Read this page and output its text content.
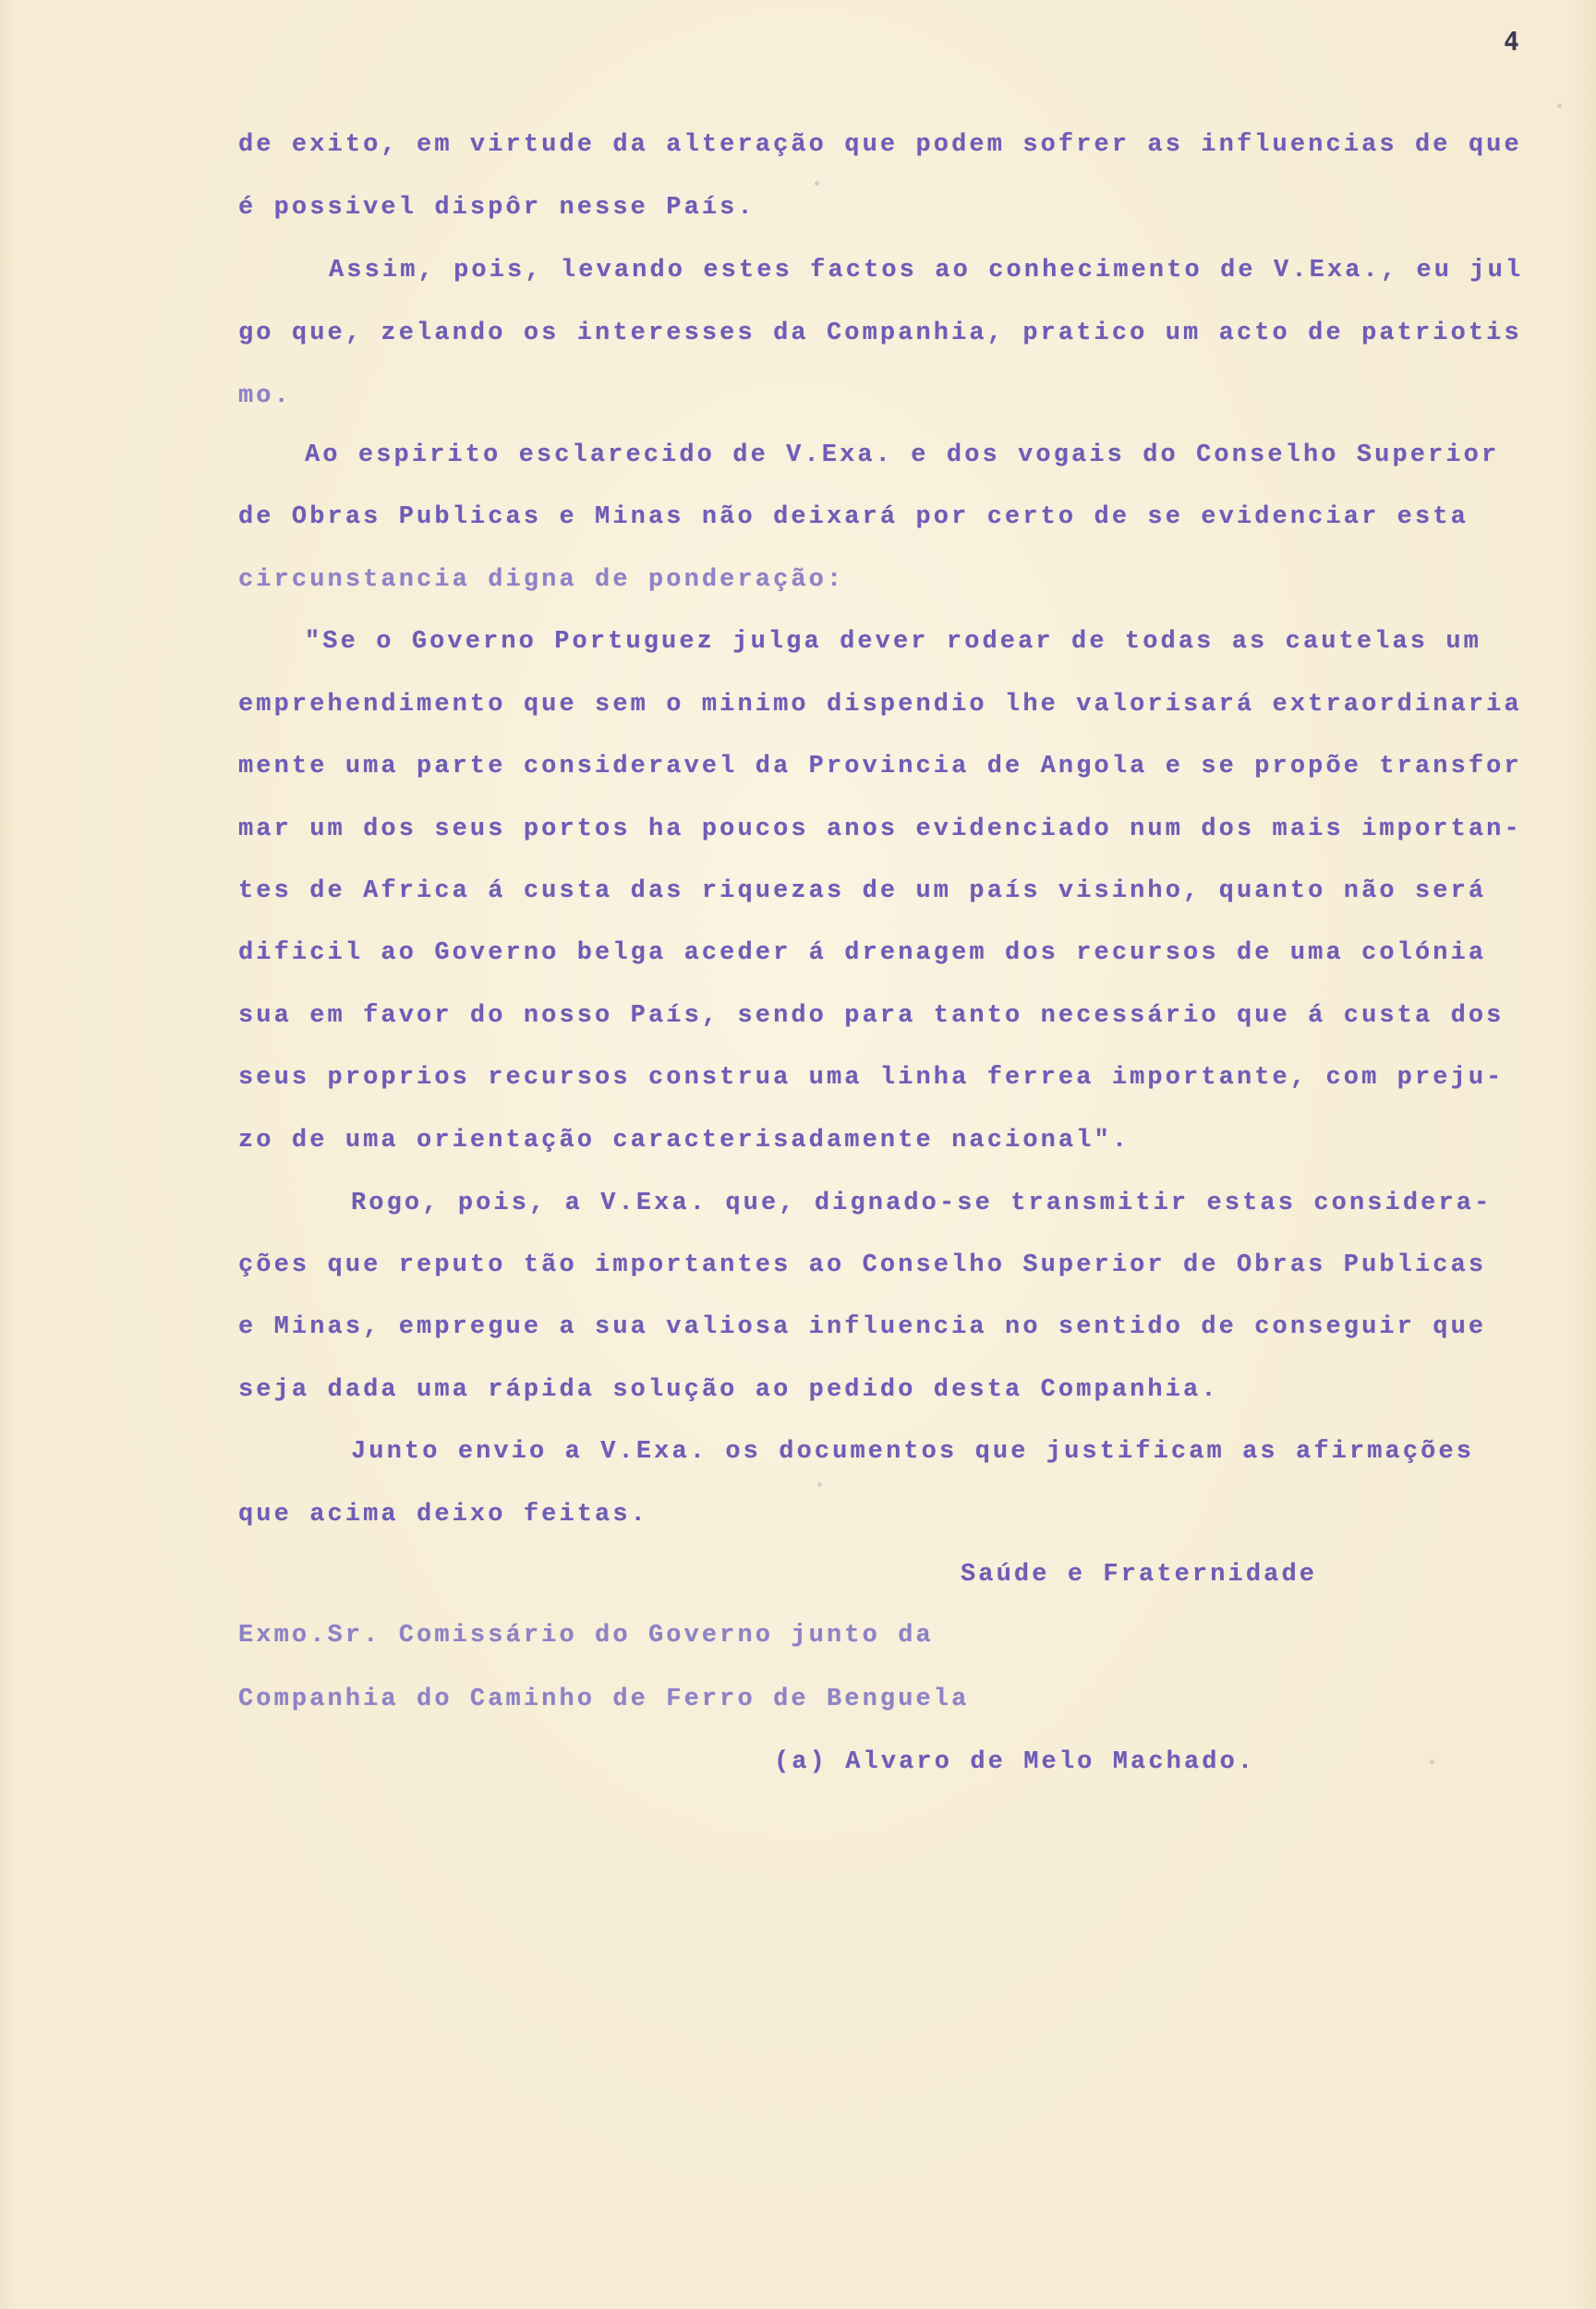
4
de exito, em virtude da alteração que podem sofrer as influencias de que
é possivel dispôr nesse País.
Assim, pois, levando estes factos ao conhecimento de V.Exa., eu jul
go que, zelando os interesses da Companhia, pratico um acto de patriotis
mo.
Ao espirito esclarecido de V.Exa. e dos vogais do Conselho Superior
de Obras Publicas e Minas não deixará por certo de se evidenciar esta
circunstancia digna de ponderação:
"Se o Governo Portuguez julga dever rodear de todas as cautelas um
emprehendimento que sem o minimo dispendio lhe valorisará extraordinaria
mente uma parte consideravel da Provincia de Angola e se propõe transfor
mar um dos seus portos ha poucos anos evidenciado num dos mais importan-
tes de Africa á custa das riquezas de um país visinho, quanto não será
dificil ao Governo belga aceder á drenagem dos recursos de uma colónia
sua em favor do nosso País, sendo para tanto necessário que á custa dos
seus proprios recursos construa uma linha ferrea importante, com preju-
zo de uma orientação caracterisadamente nacional".
Rogo, pois, a V.Exa. que, dignado-se transmitir estas considera-
ções que reputo tão importantes ao Conselho Superior de Obras Publicas
e Minas, empregue a sua valiosa influencia no sentido de conseguir que
seja dada uma rápida solução ao pedido desta Companhia.
Junto envio a V.Exa. os documentos que justificam as afirmações
que acima deixo feitas.
Saúde e Fraternidade
Exmo.Sr. Comissário do Governo junto da
Companhia do Caminho de Ferro de Benguela
(a) Alvaro de Melo Machado.
